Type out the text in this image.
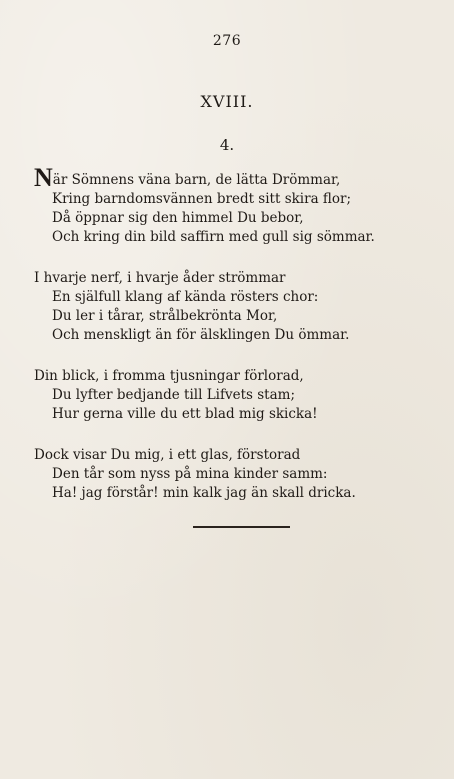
276
XVIII.
4.
När Sömnens väna barn, de lätta Drömmar,
Kring barndomsvännen bredt sitt skira flor;
Då öppnar sig den himmel Du bebor,
Och kring din bild saffirn med gull sig sömmar.
I hvarje nerf, i hvarje åder strömmar
En själfull klang af kända rösters chor:
Du ler i tårar, strålbekrönta Mor,
Och menskligt än för älsklingen Du ömmar.
Din blick, i fromma tjusningar förlorad,
Du lyfter bedjande till Lifvets stam;
Hur gerna ville du ett blad mig skicka!
Dock visar Du mig, i ett glas, förstorad
Den tår som nyss på mina kinder samm:
Ha! jag förstår! min kalk jag än skall dricka.
